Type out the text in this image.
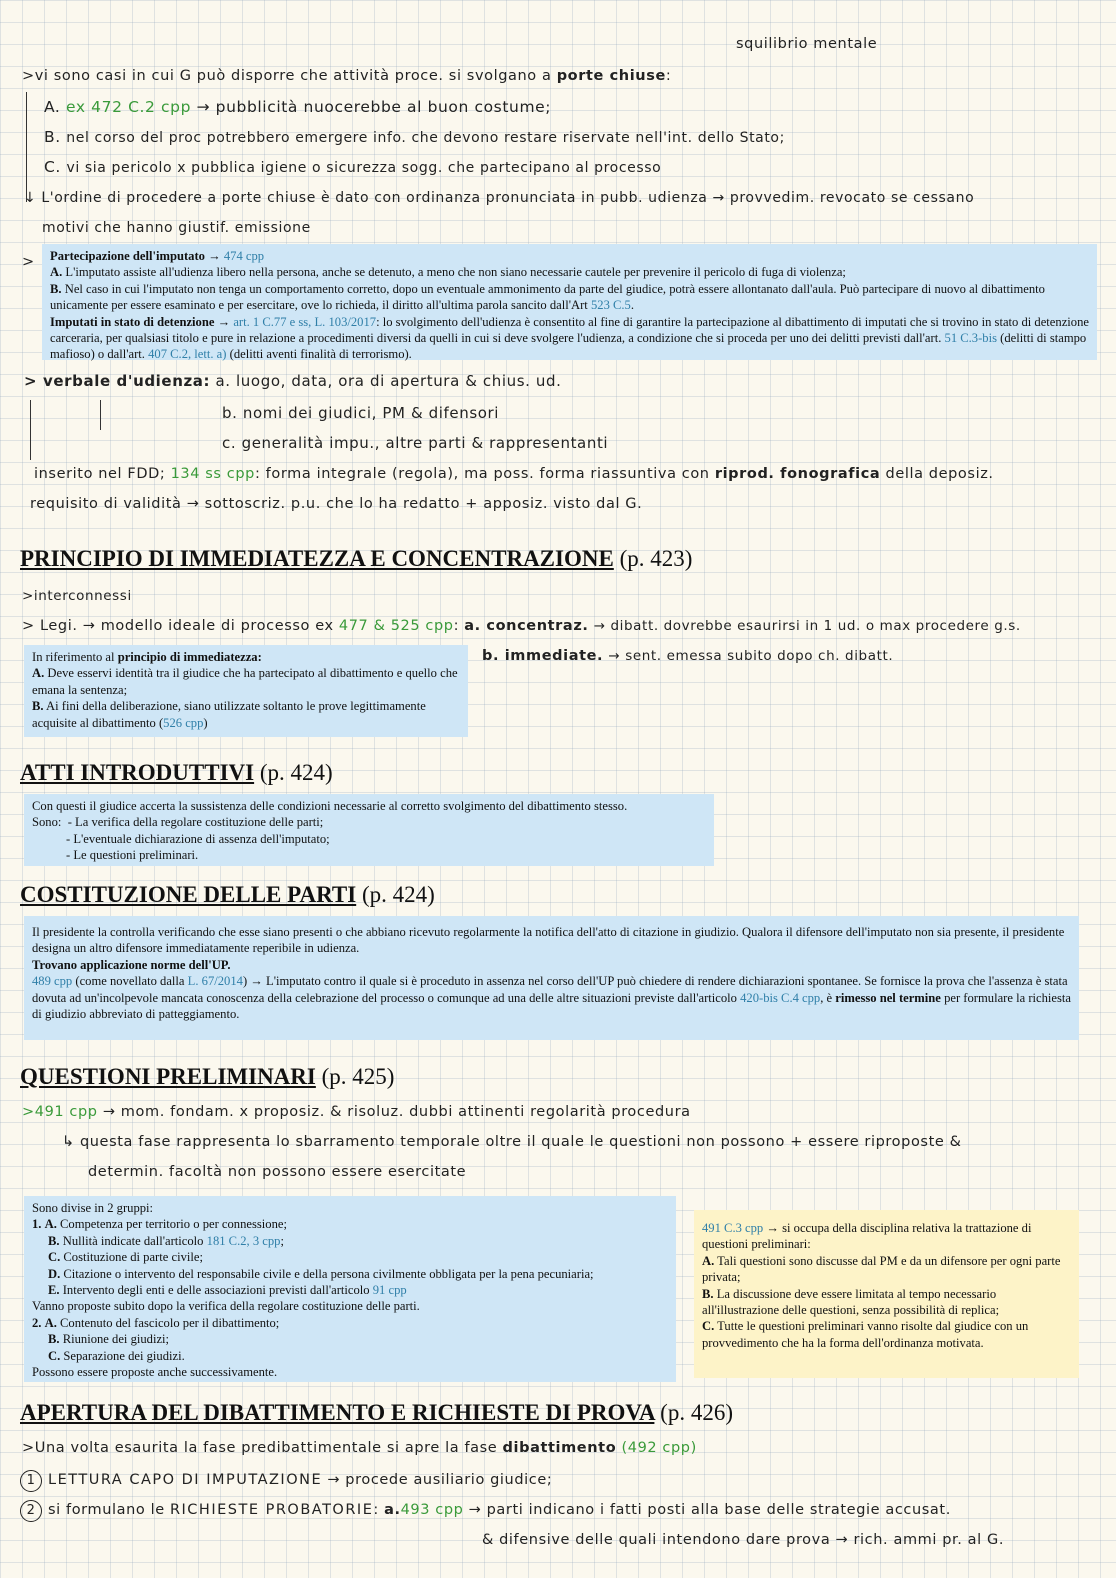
squilibrio mentale
>vi sono casi in cui G può disporre che attività proce. si svolgano a porte chiuse:
A. ex 472 C.2 cpp → pubblicità nuocerebbe al buon costume;
B. nel corso del proc potrebbero emergere info. che devono restare riservate nell'int. dello Stato;
C. vi sia pericolo x pubblica igiene o sicurezza sogg. che partecipano al processo
↓ L'ordine di procedere a porte chiuse è dato con ordinanza pronunciata in pubb. udienza → provvedim. revocato se cessano
motivi che hanno giustif. emissione
> Partecipazione dell'imputato → 474 cpp

A. L'imputato assiste all'udienza libero nella persona, anche se detenuto, a meno che non siano necessarie cautele per prevenire il pericolo di fuga di violenza;

B. Nel caso in cui l'imputato non tenga un comportamento corretto, dopo un eventuale ammonimento da parte del giudice, potrà essere allontanato dall'aula. Può partecipare di nuovo al dibattimento unicamente per essere esaminato e per esercitare, ove lo richieda, il diritto all'ultima parola sancito dall'Art 523 C.5.

Imputati in stato di detenzione → art. 1 C.77 e ss, L. 103/2017: lo svolgimento dell'udienza è consentito al fine di garantire la partecipazione al dibattimento di imputati che si trovino in stato di detenzione carceraria, per qualsiasi titolo e pure in relazione a procedimenti diversi da quelli in cui si deve svolgere l'udienza, a condizione che si proceda per uno dei delitti previsti dall'art. 51 C.3-bis (delitti di stampo mafioso) o dall'art. 407 C.2, lett. a) (delitti aventi finalità di terrorismo).

> verbale d'udienza: a. luogo, data, ora di apertura & chius. ud.
b. nomi dei giudici, PM & difensori
c. generalità impu., altre parti & rappresentanti
inserito nel FDD; 134 ss cpp: forma integrale (regola), ma poss. forma riassuntiva con riprod. fonografica della deposiz.
requisito di validità → sottoscriz. p.u. che lo ha redatto + apposiz. visto dal G.
PRINCIPIO DI IMMEDIATEZZA E CONCENTRAZIONE (p. 423)
>interconnessi
> Legi. → modello ideale di processo ex 477 & 525 cpp: a. concentraz. → dibatt. dovrebbe esaurirsi in 1 ud. o max procedere g.s.
b. immediate. → sent. emessa subito dopo ch. dibatt.

In riferimento al principio di immediatezza:

A. Deve esservi identità tra il giudice che ha partecipato al dibattimento e quello che emana la sentenza;

B. Ai fini della deliberazione, siano utilizzate soltanto le prove legittimamente acquisite al dibattimento (526 cpp)

ATTI INTRODUTTIVI (p. 424)

Con questi il giudice accerta la sussistenza delle condizioni necessarie al corretto svolgimento del dibattimento stesso.

Sono: - La verifica della regolare costituzione delle parti;

- L'eventuale dichiarazione di assenza dell'imputato;

- Le questioni preliminari.

COSTITUZIONE DELLE PARTI (p. 424)

Il presidente la controlla verificando che esse siano presenti o che abbiano ricevuto regolarmente la notifica dell'atto di citazione in giudizio. Qualora il difensore dell'imputato non sia presente, il presidente designa un altro difensore immediatamente reperibile in udienza.

Trovano applicazione norme dell'UP.

489 cpp (come novellato dalla L. 67/2014) → L'imputato contro il quale si è proceduto in assenza nel corso dell'UP può chiedere di rendere dichiarazioni spontanee. Se fornisce la prova che l'assenza è stata dovuta ad un'incolpevole mancata conoscenza della celebrazione del processo o comunque ad una delle altre situazioni previste dall'articolo 420-bis C.4 cpp, è rimesso nel termine per formulare la richiesta di giudizio abbreviato di patteggiamento.

QUESTIONI PRELIMINARI (p. 425)
>491 cpp → mom. fondam. x proposiz. & risoluz. dubbi attinenti regolarità procedura
↳ questa fase rappresenta lo sbarramento temporale oltre il quale le questioni non possono + essere riproposte &
determin. facoltà non possono essere esercitate

Sono divise in 2 gruppi:

1. A. Competenza per territorio o per connessione;

B. Nullità indicate dall'articolo 181 C.2, 3 cpp;

C. Costituzione di parte civile;

D. Citazione o intervento del responsabile civile e della persona civilmente obbligata per la pena pecuniaria;

E. Intervento degli enti e delle associazioni previsti dall'articolo 91 cpp

Vanno proposte subito dopo la verifica della regolare costituzione delle parti.

2. A. Contenuto del fascicolo per il dibattimento;

B. Riunione dei giudizi;

C. Separazione dei giudizi.

Possono essere proposte anche successivamente.

491 C.3 cpp → si occupa della disciplina relativa la trattazione di questioni preliminari:

A. Tali questioni sono discusse dal PM e da un difensore per ogni parte privata;

B. La discussione deve essere limitata al tempo necessario all'illustrazione delle questioni, senza possibilità di replica;

C. Tutte le questioni preliminari vanno risolte dal giudice con un provvedimento che ha la forma dell'ordinanza motivata.

APERTURA DEL DIBATTIMENTO E RICHIESTE DI PROVA (p. 426)
>Una volta esaurita la fase predibattimentale si apre la fase dibattimento (492 cpp)
1 LETTURA CAPO DI IMPUTAZIONE → procede ausiliario giudice;
2 si formulano le RICHIESTE PROBATORIE: a.493 cpp → parti indicano i fatti posti alla base delle strategie accusat.
& difensive delle quali intendono dare prova → rich. ammi pr. al G.
